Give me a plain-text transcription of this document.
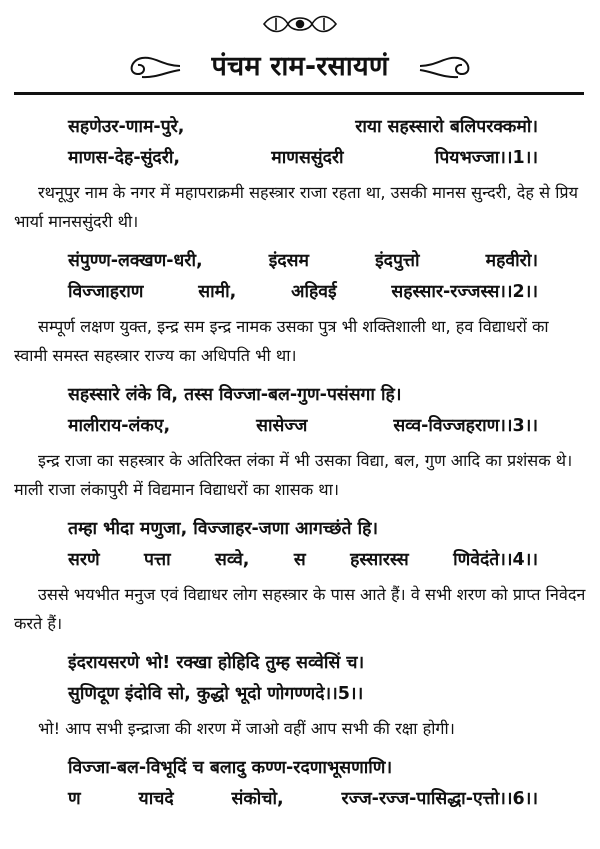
पंचम राम-रसायणं
सहणेउर-णाम-पुरे,	राया सहस्सारो बलिपरक्कमो।
माणस-देह-सुंदरी,	माणससुंदरी	पियभज्जा।।1।।

रथनूपुर नाम के नगर में महापराक्रमी सहस्त्रार राजा रहता था, उसकी मानस सुन्दरी, देह से प्रिय भार्या मानससुंदरी थी।

संपुण्ण-लक्खण-धरी,	इंदसम	इंदपुत्तो	महवीरो।
विज्जाहराण	सामी,	अहिवई	सहस्सार-रज्जस्स।।2।।

सम्पूर्ण लक्षण युक्त, इन्द्र सम इन्द्र नामक उसका पुत्र भी शक्तिशाली था, हव विद्याधरों का स्वामी समस्त सहस्त्रार राज्य का अधिपति भी था।

सहस्सारे लंके वि, तस्स विज्जा-बल-गुण-पसंसगा हि।
मालीराय-लंकए,	सासेज्ज	सव्व-विज्जहराण।।3।।

इन्द्र राजा का सहस्त्रार के अतिरिक्त लंका में भी उसका विद्या, बल, गुण आदि का प्रशंसक थे। माली राजा लंकापुरी में विद्यमान विद्याधरों का शासक था।

तम्हा भीदा मणुजा, विज्जाहर-जणा आगच्छंते हि।
सरणे	पत्ता	सव्वे,	स	हस्सारस्स	णिवेदंते।।4।।

उससे भयभीत मनुज एवं विद्याधर लोग सहस्त्रार के पास आते हैं। वे सभी शरण को प्राप्त निवेदन करते हैं।

इंदरायसरणे भो! रक्खा होहिदि तुम्ह सव्वेसिं च।
सुणिदूण इंदोवि सो, कुद्धो भूदो णोगण्णदे।।5।।

भो! आप सभी इन्द्राजा की शरण में जाओ वहीं आप सभी की रक्षा होगी।

विज्जा-बल-विभूदिं च बलादु कण्ण-रदणाभूसणाणि।
ण	याचदे	संकोचो,	रज्ज-रज्ज-पासिद्धा-एत्तो।।6।।
